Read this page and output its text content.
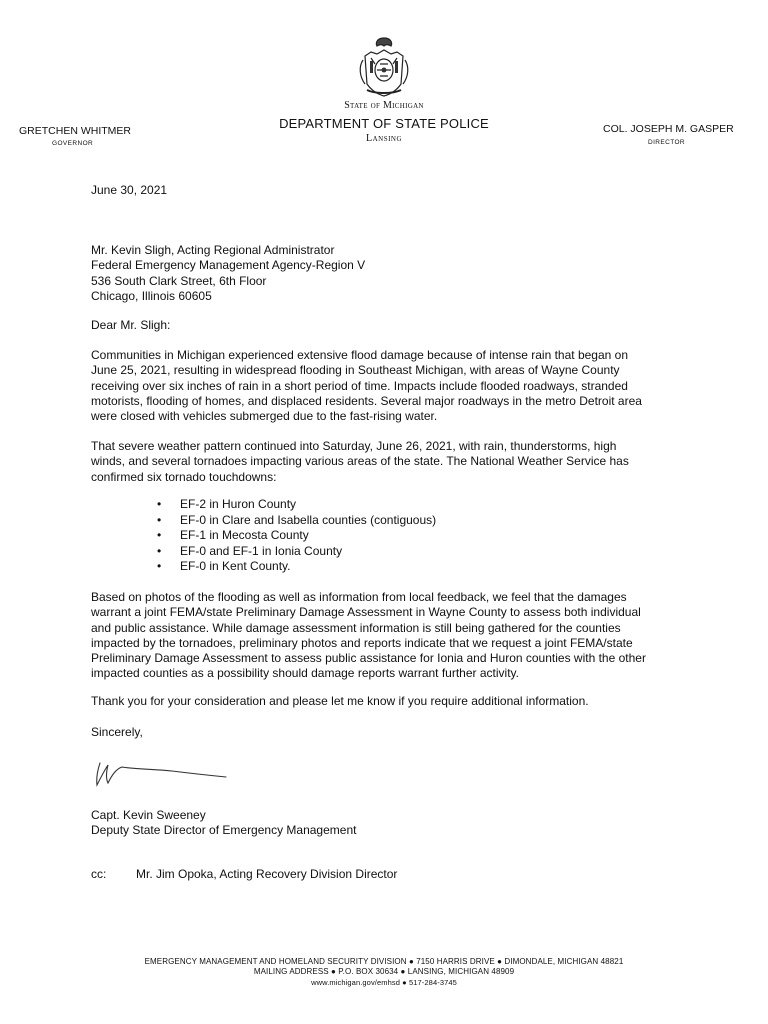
State of Michigan
DEPARTMENT OF STATE POLICE
Lansing
GRETCHEN WHITMER
GOVERNOR
COL. JOSEPH M. GASPER
DIRECTOR
June 30, 2021
Mr. Kevin Sligh, Acting Regional Administrator
Federal Emergency Management Agency-Region V
536 South Clark Street, 6th Floor
Chicago, Illinois 60605
Dear Mr. Sligh:

Communities in Michigan experienced extensive flood damage because of intense rain that began on

June 25, 2021, resulting in widespread flooding in Southeast Michigan, with areas of Wayne County

receiving over six inches of rain in a short period of time. Impacts include flooded roadways, stranded

motorists, flooding of homes, and displaced residents. Several major roadways in the metro Detroit area

were closed with vehicles submerged due to the fast-rising water.

That severe weather pattern continued into Saturday, June 26, 2021, with rain, thunderstorms, high

winds, and several tornadoes impacting various areas of the state. The National Weather Service has

confirmed six tornado touchdowns:

• EF-2 in Huron County
• EF-0 in Clare and Isabella counties (contiguous)
• EF-1 in Mecosta County
• EF-0 and EF-1 in Ionia County
• EF-0 in Kent County.

Based on photos of the flooding as well as information from local feedback, we feel that the damages

warrant a joint FEMA/state Preliminary Damage Assessment in Wayne County to assess both individual

and public assistance. While damage assessment information is still being gathered for the counties

impacted by the tornadoes, preliminary photos and reports indicate that we request a joint FEMA/state

Preliminary Damage Assessment to assess public assistance for Ionia and Huron counties with the other

impacted counties as a possibility should damage reports warrant further activity.

Thank you for your consideration and please let me know if you require additional information.
Sincerely,
Capt. Kevin Sweeney
Deputy State Director of Emergency Management
cc: Mr. Jim Opoka, Acting Recovery Division Director
EMERGENCY MANAGEMENT AND HOMELAND SECURITY DIVISION ● 7150 HARRIS DRIVE ● DIMONDALE, MICHIGAN 48821
MAILING ADDRESS ● P.O. BOX 30634 ● LANSING, MICHIGAN 48909
www.michigan.gov/emhsd ● 517-284-3745
